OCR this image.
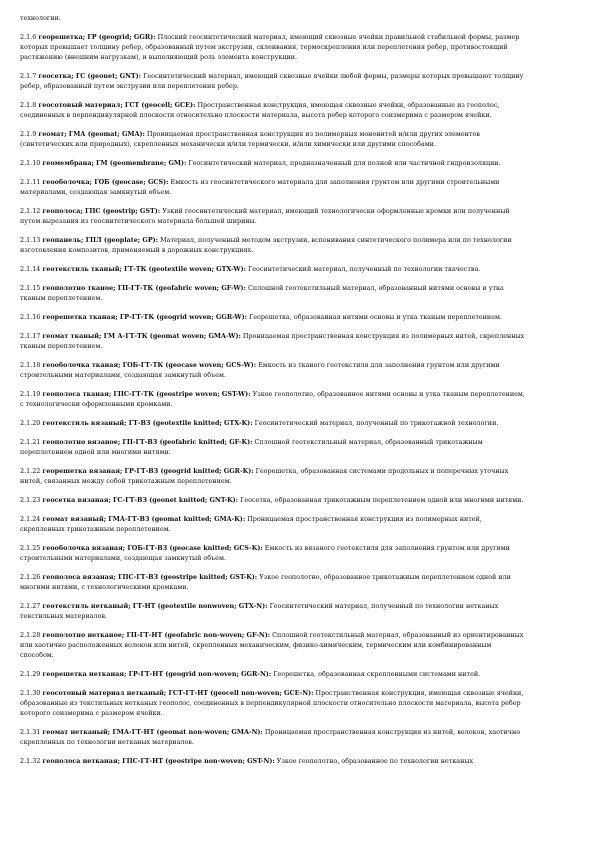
технологии.

2.1.6 георешетка; ГР (geogrid; GGR): Плоский геосинтетический материал, имеющий сквозные ячейки правильной стабильной формы, размер которых превышает толщину ребер, образованный путем экструзии, склеивания, термоскрепления или переплетения ребер, противостоящий растяжению (внешним нагрузкам), и выполняющий роль элемента конструкции.

2.1.7 геосетка; ГС (geonet; GNT): Геосинтетический материал, имеющий сквозные ячейки любой формы, размеры которых превышают толщину ребер, образованный путем экструзии или переплетения ребер.

2.1.8 геосотовый материал; ГСТ (geocell; GCE): Пространственная конструкция, имеющая сквозные ячейки, образованные из геополос, соединенных в перпендикулярной плоскости относительно плоскости материала, высота ребер которого соизмерима с размером ячейки.

2.1.9 геомат; ГМА (geomat; GMA): Проницаемая пространственная конструкция из полимерных мононитей и/или других элементов (синтетических или природных), скрепленных механически и/или термически, и/или химически или другими способами.

2.1.10 геомембрана; ГМ (geomembrane; GM): Геосинтетический материал, предназначенный для полной или частичной гидроизоляции.

2.1.11 геооболочка; ГОБ (geocase; GCS): Емкость из геосинтетического материала для заполнения грунтом или другими строительными материалами, создающая замкнутый объем.

2.1.12 геополоса; ГПС (geostrip; GST): Узкий геосинтетический материал, имеющий технологически оформленные кромки или полученный путем вырезания из геосинтетического материала большей ширины.

2.1.13 геопанель; ГПЛ (geoplate; GP): Материал, полученный методом экструзии, вспенивания синтетического полимера или по технологии изготовления композитов, применяемый в дорожных конструкциях.

2.1.14 геотекстиль тканый; ГТ-ТК (geotextile woven; GTX-W): Геосинтетический материал, полученный по технологии ткачества.

2.1.15 геополотно тканое; ГП-ГТ-ТК (geofabric woven; GF-W): Сплошной геотекстильный материал, образованный нитями основы и утка тканым переплетением.

2.1.16 георешетка тканая; ГР-ГТ-ТК (geogrid woven; GGR-W): Георешетка, образованная нитями основы и утка тканым переплетением.

2.1.17 геомат тканый; ГМ А-ГТ-ТК (geomat woven; GMA-W): Проницаемая пространственная конструкция из полимерных нитей, скрепленных тканым переплетением.

2.1.18 геооболочка тканая; ГОБ-ГТ-ТК (geocase woven; GCS-W): Емкость из тканого геотекстиля для заполнения грунтом или другими строительными материалами, создающая замкнутый объем.

2.1.19 геополоса тканая; ГПС-ГТ-ТК (geostripe woven; GST-W): Узкое геополотно, образованное нитями основы и утка тканым переплетением, с технологически оформленными кромками.

2.1.20 геотекстиль вязаный; ГТ-ВЗ (geotextile knitted; GTX-K): Геосинтетический материал, полученный по трикотажной технологии.

2.1.21 геополотно вязаное; ГП-ГТ-ВЗ (geofabric knitted; GF-K): Сплошной геотекстильный материал, образованный трикотажным переплетением одной или многими нитями.

2.1.22 георешетка вязаная; ГР-ГТ-ВЗ (geogrid knitted; GGR-K): Георешетка, образованная системами продольных и поперечных уточных нитей, связанных между собой трикотажным переплетением.

2.1.23 геосетка вязаная; ГС-ГТ-ВЗ (geonet knitted; GNT-K): Геосетка, образованная трикотажным переплетением одной или многими нитями.

2.1.24 геомат вязаный; ГМА-ГТ-ВЗ (geomat knitted; GMA-K): Проницаемая пространственная конструкция из полимерных нитей, скрепленных трикотажным переплетением.

2.1.25 геооболочка вязаная; ГОБ-ГТ-ВЗ (geocase knitted; GCS-K): Емкость из вязаного геотекстиля для заполнения грунтом или другими строительными материалами, создающая замкнутый объем.

2.1.26 геополоса вязаная; ГПС-ГТ-ВЗ (geostripe knitted; GST-K): Узкое геополотно, образованное трикотажным переплетением одной или многими нитями, с технологическими кромками.

2.1.27 геотекстиль нетканый; ГТ-НТ (geotextile nonwoven; GTX-N): Геосинтетический материал, полученный по технологии нетканых текстильных материалов.

2.1.28 геополотно нетканое; ГП-ГТ-НТ (geofabric non-woven; GF-N): Сплошной геотекстильный материал, образованный из ориентированных или хаотично расположенных волокон или нитей, скрепленных механическим, физико-химическим, термическим или комбинированным способом.

2.1.29 георешетка нетканая; ГР-ГТ-НТ (geogrid non-woven; GGR-N): Георешетка, образованная скрепленными системами нитей.

2.1.30 геосотовый материал нетканый; ГСТ-ГТ-НТ (geocell non-woven; GCE-N): Пространственная конструкция, имеющая сквозные ячейки, образованные из текстильных нетканых геополос, соединенных в перпендикулярной плоскости относительно плоскости материала, высота ребер которого соизмерима с размером ячейки.

2.1.31 геомат нетканый; ГМА-ГТ-НТ (geomat non-woven; GMA-N): Проницаемая пространственная конструкция из нитей, волокон, хаотично скрепленных по технологии нетканых материалов.

2.1.32 геополоса нетканая; ГПС-ГТ-НТ (geostripe non-woven; GST-N): Узкое геополотно, образованное по технологии нетканых
